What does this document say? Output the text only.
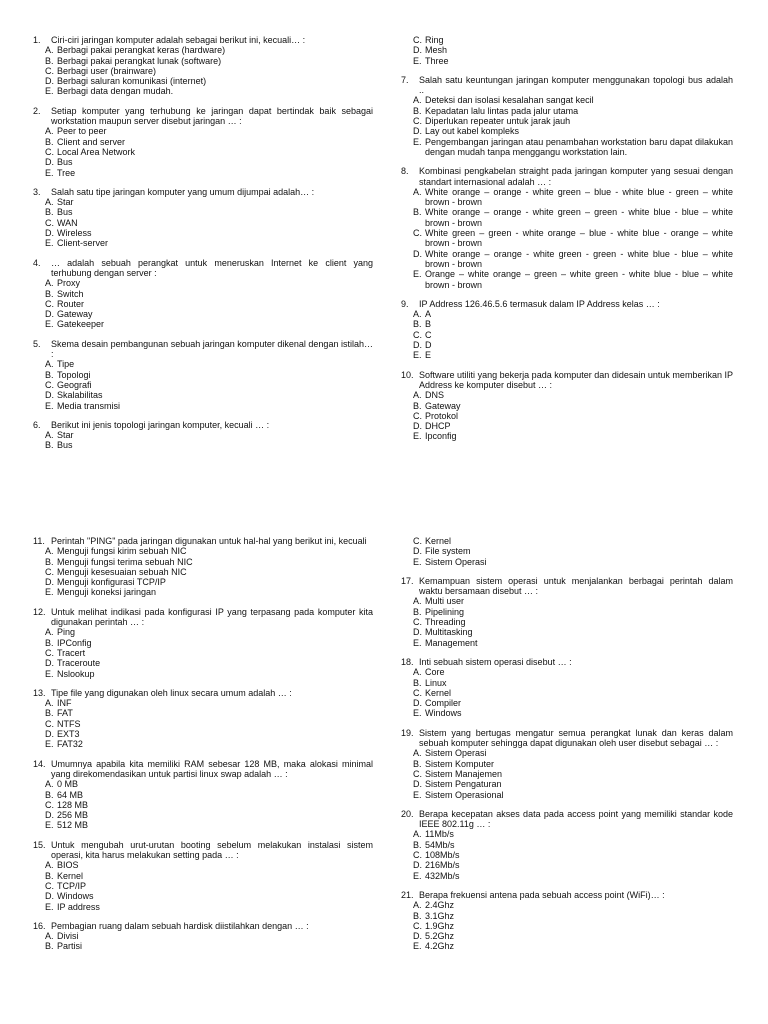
1.	Ciri-ciri jaringan komputer adalah sebagai berikut ini, kecuali… :
A. Berbagi pakai perangkat keras (hardware)
B. Berbagi pakai perangkat lunak (software)
C. Berbagi user (brainware)
D. Berbagi saluran komunikasi (internet)
E. Berbagi data dengan mudah.
2.	Setiap komputer yang terhubung ke jaringan dapat bertindak baik sebagai workstation maupun server disebut jaringan … :
A. Peer to peer
B. Client and server
C. Local Area Network
D. Bus
E. Tree
3.	Salah satu tipe jaringan komputer yang umum dijumpai adalah… :
A. Star
B. Bus
C. WAN
D. Wireless
E. Client-server
4.	… adalah sebuah perangkat untuk meneruskan Internet ke client yang terhubung dengan server :
A. Proxy
B. Switch
C. Router
D. Gateway
E. Gatekeeper
5.	Skema desain pembangunan sebuah jaringan komputer dikenal dengan istilah… :
A. Tipe
B. Topologi
C. Geografi
D. Skalabilitas
E. Media transmisi
6.	Berikut ini jenis topologi jaringan komputer, kecuali … :
A. Star
B. Bus
C. Ring
D. Mesh
E. Three
7.	Salah satu keuntungan jaringan komputer menggunakan topologi bus adalah ..
A. Deteksi dan isolasi kesalahan sangat kecil
B. Kepadatan lalu lintas pada jalur utama
C. Diperlukan repeater untuk jarak jauh
D. Lay out kabel kompleks
E. Pengembangan jaringan atau penambahan workstation baru dapat dilakukan dengan mudah tanpa menggangu workstation lain.
8.	Kombinasi pengkabelan straight pada jaringan komputer yang sesuai dengan standart internasional adalah … :
A. White orange – orange - white green – blue - white blue - green – white brown - brown
B. White orange – orange - white green – green - white blue - blue – white brown - brown
C. White green – green - white orange – blue - white blue - orange – white brown - brown
D. White orange – orange - white green - green - white blue - blue – white brown - brown
E. Orange – white orange – green – white green - white blue - blue – white brown - brown
9.	IP Address 126.46.5.6 termasuk dalam IP Address kelas … :
A. A
B. B
C. C
D. D
E. E
10. Software utiliti yang bekerja pada komputer dan didesain untuk memberikan IP Address ke komputer disebut … :
A. DNS
B. Gateway
C. Protokol
D. DHCP
E. Ipconfig
11. Perintah "PING" pada jaringan digunakan untuk hal-hal yang berikut ini, kecuali
A. Menguji fungsi kirim sebuah NIC
B. Menguji fungsi terima sebuah NIC
C. Menguji kesesuaian sebuah NIC
D. Menguji konfigurasi TCP/IP
E. Menguji koneksi jaringan
12. Untuk melihat indikasi pada konfigurasi IP yang terpasang pada komputer kita digunakan perintah … :
A. Ping
B. IPConfig
C. Tracert
D. Traceroute
E. Nslookup
13. Tipe file yang digunakan oleh linux secara umum adalah … :
A. INF
B. FAT
C. NTFS
D. EXT3
E. FAT32
14. Umumnya apabila kita memiliki RAM sebesar 128 MB, maka alokasi minimal yang direkomendasikan untuk partisi linux swap adalah … :
A. 0 MB
B. 64 MB
C. 128 MB
D. 256 MB
E. 512 MB
15. Untuk mengubah urut-urutan booting sebelum melakukan instalasi sistem operasi, kita harus melakukan setting pada … :
A. BIOS
B. Kernel
C. TCP/IP
D. Windows
E. IP address
16. Pembagian ruang dalam sebuah hardisk diistilahkan dengan … :
A. Divisi
B. Partisi
C. Kernel
D. File system
E. Sistem Operasi
17. Kemampuan sistem operasi untuk menjalankan berbagai perintah dalam waktu bersamaan disebut … :
A. Multi user
B. Pipelining
C. Threading
D. Multitasking
E. Management
18. Inti sebuah sistem operasi disebut … :
A. Core
B. Linux
C. Kernel
D. Compiler
E. Windows
19. Sistem yang bertugas mengatur semua perangkat lunak dan keras dalam sebuah komputer sehingga dapat digunakan oleh user disebut sebagai … :
A. Sistem Operasi
B. Sistem Komputer
C. Sistem Manajemen
D. Sistem Pengaturan
E. Sistem Operasional
20. Berapa kecepatan akses data pada access point yang memiliki standar kode IEEE 802.11g … :
A. 11Mb/s
B. 54Mb/s
C. 108Mb/s
D. 216Mb/s
E. 432Mb/s
21. Berapa frekuensi antena pada sebuah access point (WiFi)… :
A. 2.4Ghz
B. 3.1Ghz
C. 1.9Ghz
D. 5.2Ghz
E. 4.2Ghz
